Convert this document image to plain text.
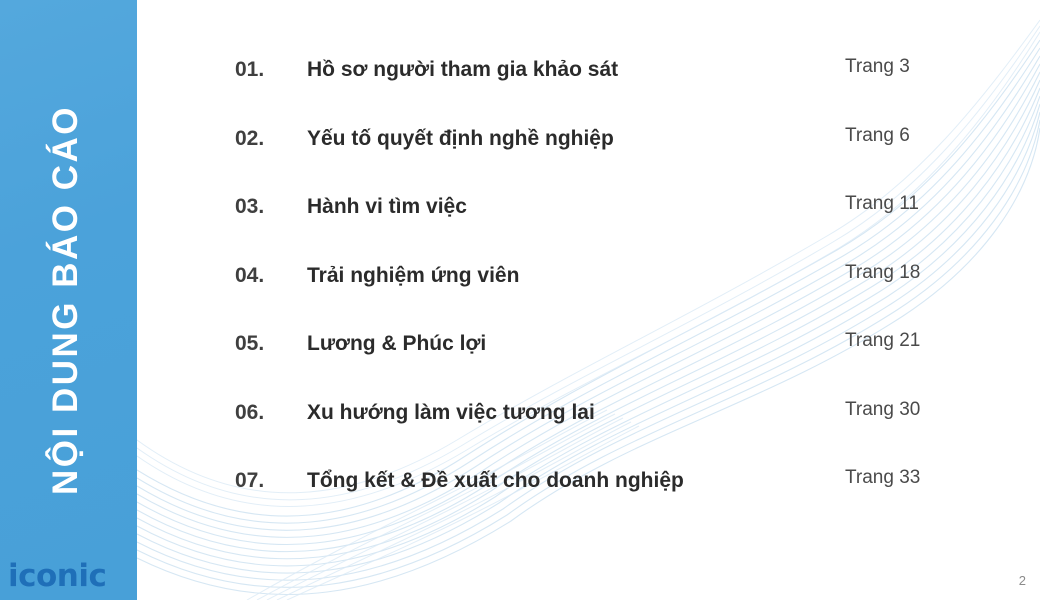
NỘI DUNG BÁO CÁO
iconic
01.	Hồ sơ người tham gia khảo sát	Trang 3
02.	Yếu tố quyết định nghề nghiệp	Trang 6
03.	Hành vi tìm việc	Trang 11
04.	Trải nghiệm ứng viên	Trang 18
05.	Lương & Phúc lợi	Trang 21
06.	Xu hướng làm việc tương lai	Trang 30
07.	Tổng kết & Đề xuất cho doanh nghiệp	Trang 33
2
